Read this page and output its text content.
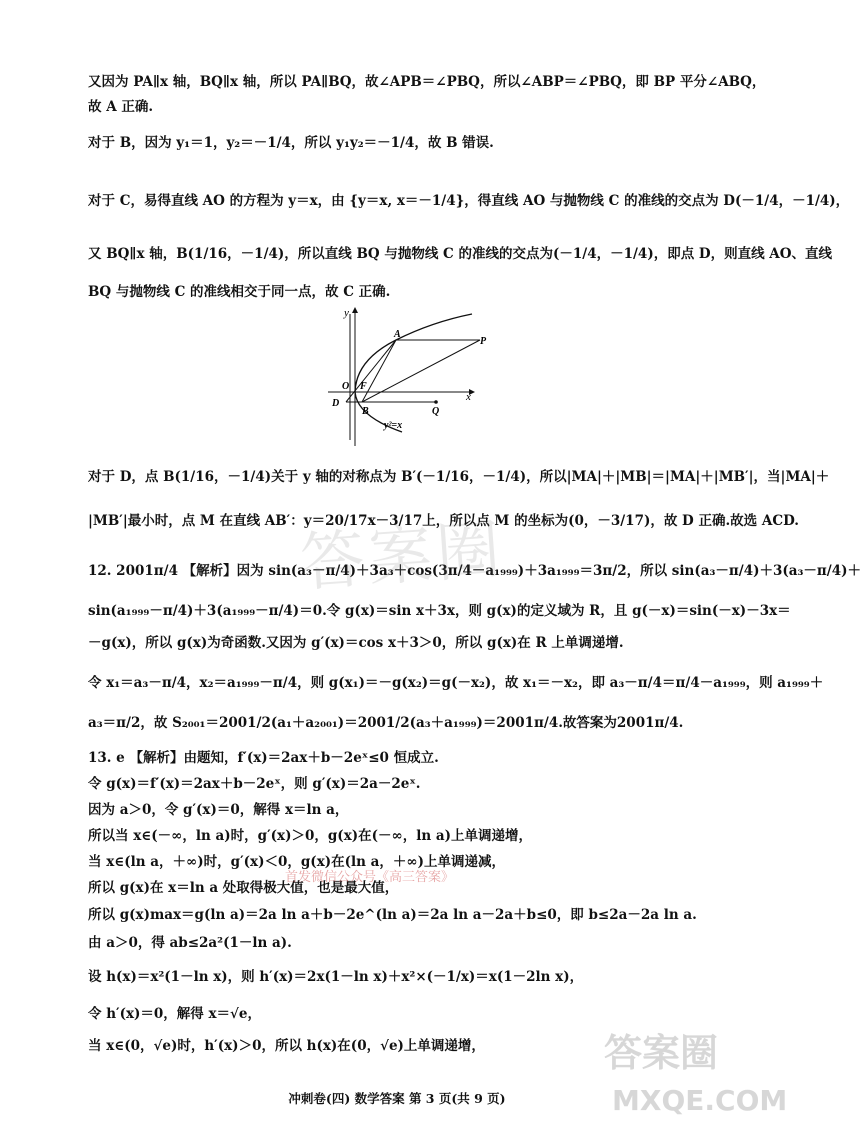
又因为 PA∥x 轴，BQ∥x 轴，所以 PA∥BQ，故∠APB＝∠PBQ，所以∠ABP＝∠PBQ，即 BP 平分∠ABQ，
故 A 正确.
对于 B，因为 y₁＝1，y₂＝－1/4，所以 y₁y₂＝－1/4，故 B 错误.
对于 C，易得直线 AO 的方程为 y＝x，由 {y＝x, x＝－1/4}，得直线 AO 与抛物线 C 的准线的交点为 D(－1/4，－1/4)，
又 BQ∥x 轴，B(1/16，－1/4)，所以直线 BQ 与抛物线 C 的准线的交点为(－1/4，－1/4)，即点 D，则直线 AO、直线
BQ 与抛物线 C 的准线相交于同一点，故 C 正确.
y
x
A
P
O F
D
B	Q
y²=x
对于 D，点 B(1/16，－1/4)关于 y 轴的对称点为 B′(－1/16，－1/4)，所以|MA|＋|MB|＝|MA|＋|MB′|，当|MA|＋
|MB′|最小时，点 M 在直线 AB′：y＝20/17x－3/17上，所以点 M 的坐标为(0，－3/17)，故 D 正确.故选 ACD.
12. 2001π/4 【解析】因为 sin(a₃－π/4)＋3a₃＋cos(3π/4－a₁₉₉₉)＋3a₁₉₉₉＝3π/2，所以 sin(a₃－π/4)＋3(a₃－π/4)＋
sin(a₁₉₉₉－π/4)＋3(a₁₉₉₉－π/4)＝0.令 g(x)＝sin x＋3x，则 g(x)的定义域为 R，且 g(－x)＝sin(－x)－3x＝
－g(x)，所以 g(x)为奇函数.又因为 g′(x)＝cos x＋3＞0，所以 g(x)在 R 上单调递增.
令 x₁＝a₃－π/4，x₂＝a₁₉₉₉－π/4，则 g(x₁)＝－g(x₂)＝g(－x₂)，故 x₁＝－x₂，即 a₃－π/4＝π/4－a₁₉₉₉，则 a₁₉₉₉＋
a₃＝π/2，故 S₂₀₀₁＝2001/2(a₁＋a₂₀₀₁)＝2001/2(a₃＋a₁₉₉₉)＝2001π/4.故答案为2001π/4.
13. e 【解析】由题知，f′(x)＝2ax＋b－2eˣ≤0 恒成立.
令 g(x)＝f′(x)＝2ax＋b－2eˣ，则 g′(x)＝2a－2eˣ.
因为 a＞0，令 g′(x)＝0，解得 x＝ln a，
所以当 x∈(－∞，ln a)时，g′(x)＞0，g(x)在(－∞，ln a)上单调递增，
当 x∈(ln a，＋∞)时，g′(x)＜0，g(x)在(ln a，＋∞)上单调递减，
所以 g(x)在 x＝ln a 处取得极大值，也是最大值，
所以 g(x)max＝g(ln a)＝2a ln a＋b－2e^(ln a)＝2a ln a－2a＋b≤0，即 b≤2a－2a ln a.
由 a＞0，得 ab≤2a²(1－ln a).
设 h(x)＝x²(1－ln x)，则 h′(x)＝2x(1－ln x)＋x²×(－1/x)＝x(1－2ln x)，
令 h′(x)＝0，解得 x＝√e，
当 x∈(0，√e)时，h′(x)＞0，所以 h(x)在(0，√e)上单调递增，
答案圈
首发微信公众号《高三答案》
答案圈
MXQE.COM
冲刺卷(四) 数学答案 第 3 页(共 9 页)
